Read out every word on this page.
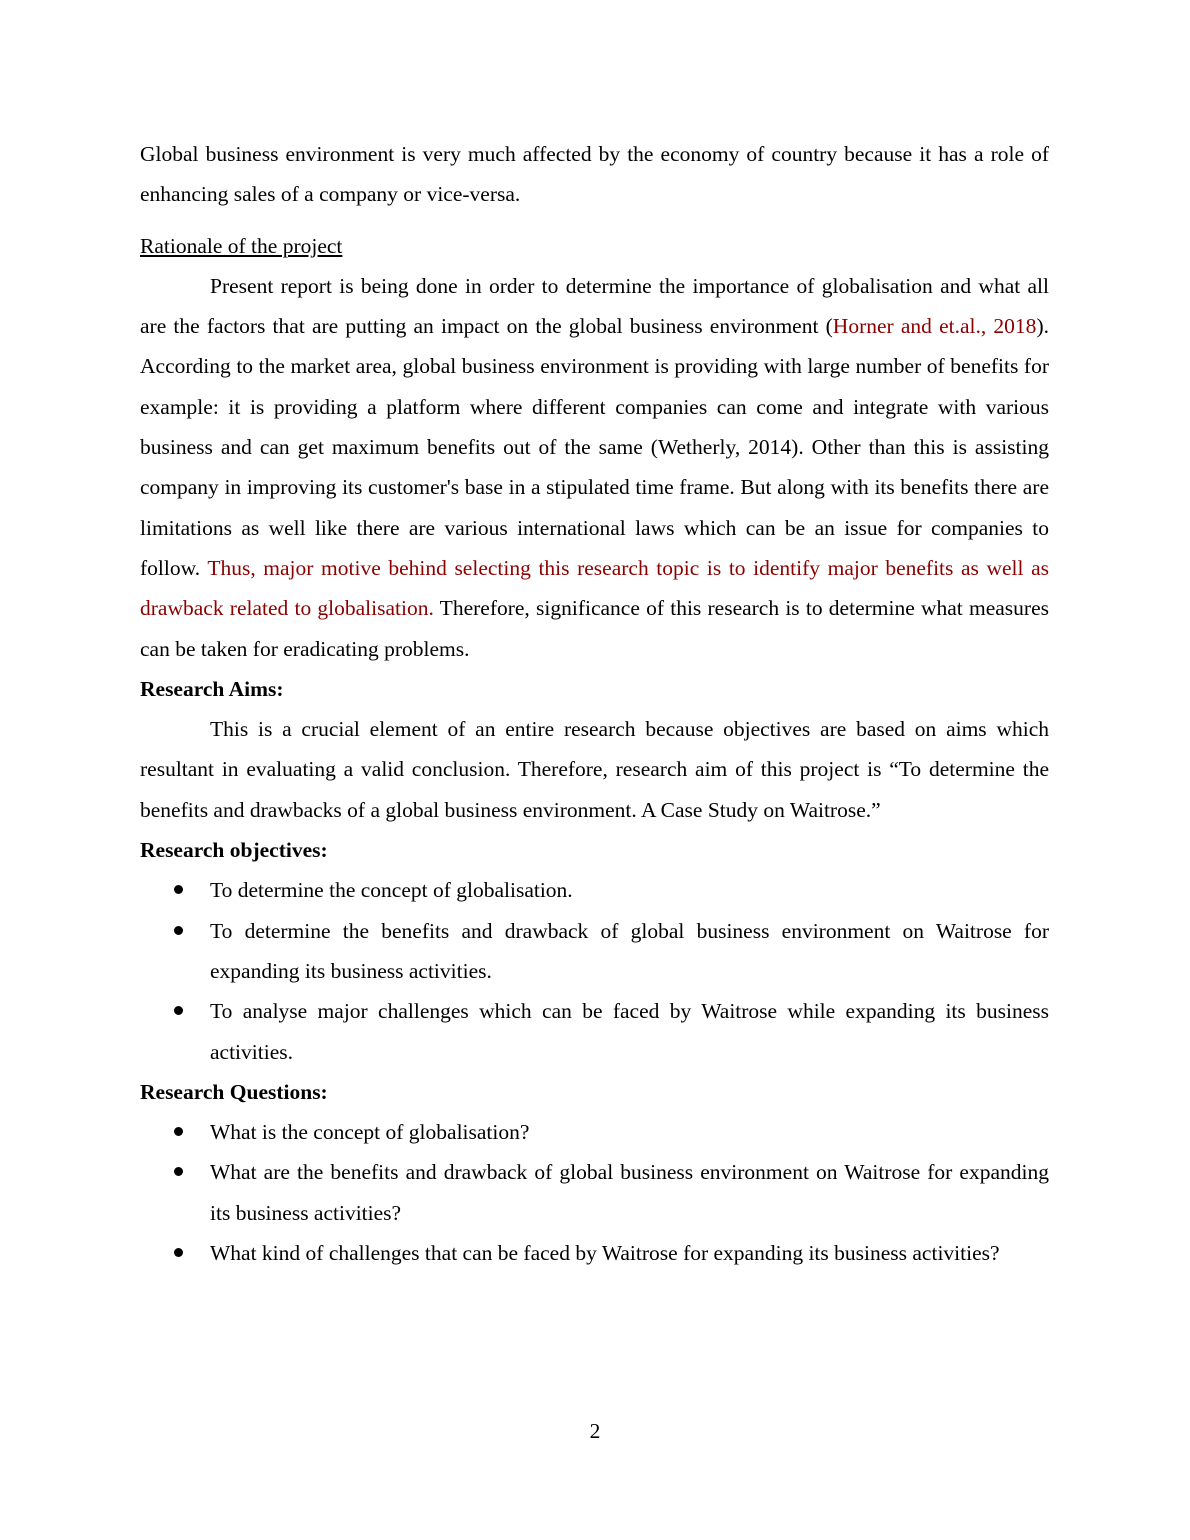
Global business environment is very much affected by the economy of country because it has a role of enhancing sales of a company or vice-versa.

Rationale of the project

Present report is being done in order to determine the importance of globalisation and what all are the factors that are putting an impact on the global business environment (Horner and et.al., 2018). According to the market area, global business environment is providing with large number of benefits for example: it is providing a platform where different companies can come and integrate with various business and can get maximum benefits out of the same (Wetherly, 2014). Other than this is assisting company in improving its customer's base in a stipulated time frame. But along with its benefits there are limitations as well like there are various international laws which can be an issue for companies to follow. Thus, major motive behind selecting this research topic is to identify major benefits as well as drawback related to globalisation. Therefore, significance of this research is to determine what measures can be taken for eradicating problems.

Research Aims:

This is a crucial element of an entire research because objectives are based on aims which resultant in evaluating a valid conclusion. Therefore, research aim of this project is “To determine the benefits and drawbacks of a global business environment. A Case Study on Waitrose.”

Research objectives:

To determine the concept of globalisation.
To determine the benefits and drawback of global business environment on Waitrose for expanding its business activities.
To analyse major challenges which can be faced by Waitrose while expanding its business activities.

Research Questions:

What is the concept of globalisation?
What are the benefits and drawback of global business environment on Waitrose for expanding its business activities?
What kind of challenges that can be faced by Waitrose for expanding its business activities?
2
